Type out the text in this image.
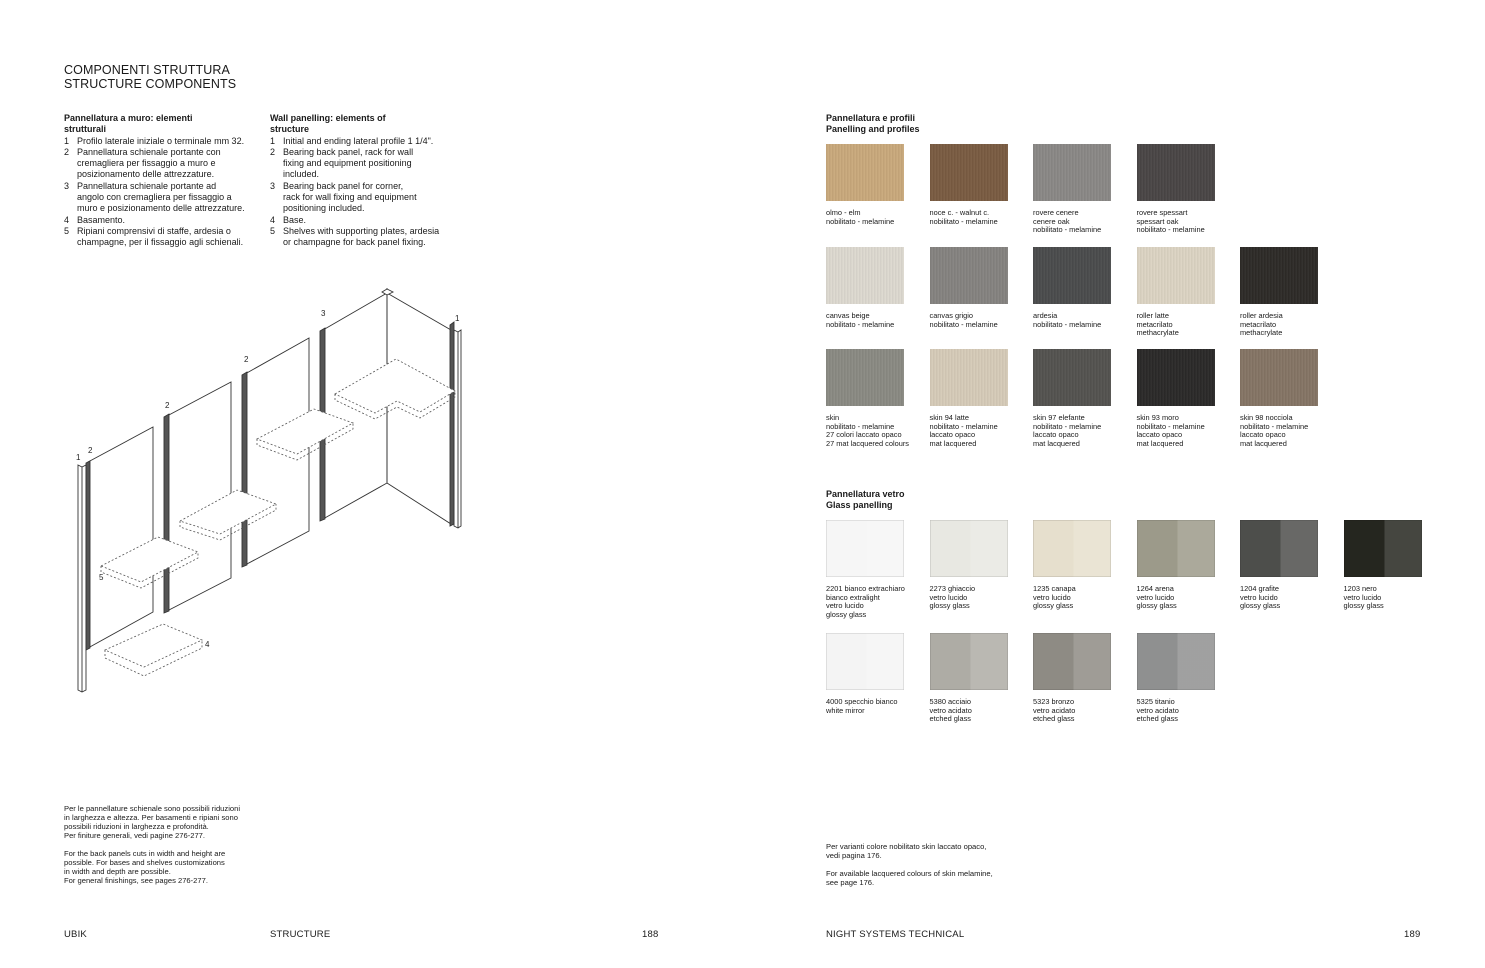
COMPONENTI STRUTTURA
STRUCTURE COMPONENTS
Pannellatura a muro: elementi
strutturali
1 Profilo laterale iniziale o terminale mm 32.
2 Pannellatura schienale portante con
cremagliera per fissaggio a muro e
posizionamento delle attrezzature.
3 Pannellatura schienale portante ad
angolo con cremagliera per fissaggio a
muro e posizionamento delle attrezzature.
4 Basamento.
5 Ripiani comprensivi di staffe, ardesia o
champagne, per il fissaggio agli schienali.
Wall panelling: elements of
structure
1 Initial and ending lateral profile 1 1/4".
2 Bearing back panel, rack for wall
fixing and equipment positioning
included.
3 Bearing back panel for corner,
rack for wall fixing and equipment
positioning included.
4 Base.
5 Shelves with supporting plates, ardesia
or champagne for back panel fixing.
1
2
2
2
3
1
5
4

Per le pannellature schienale sono possibili riduzioni
in larghezza e altezza. Per basamenti e ripiani sono
possibili riduzioni in larghezza e profondità.
Per finiture generali, vedi pagine 276-277.

For the back panels cuts in width and height are
possible. For bases and shelves customizations
in width and depth are possible.
For general finishings, see pages 276-277.

UBIK	STRUCTURE	188
Pannellatura e profili
Panelling and profiles
olmo - elm
nobilitato - melamine
noce c. - walnut c.
nobilitato - melamine
rovere cenere
cenere oak
nobilitato - melamine
rovere spessart
spessart oak
nobilitato - melamine
canvas beige
nobilitato - melamine
canvas grigio
nobilitato - melamine
ardesia
nobilitato - melamine
roller latte
metacrilato
methacrylate
roller ardesia
metacrilato
methacrylate
skin
nobilitato - melamine
27 colori laccato opaco
27 mat lacquered colours
skin 94 latte
nobilitato - melamine
laccato opaco
mat lacquered
skin 97 elefante
nobilitato - melamine
laccato opaco
mat lacquered
skin 93 moro
nobilitato - melamine
laccato opaco
mat lacquered
skin 98 nocciola
nobilitato - melamine
laccato opaco
mat lacquered
Pannellatura vetro
Glass panelling
2201 bianco extrachiaro
bianco extralight
vetro lucido
glossy glass
2273 ghiaccio
vetro lucido
glossy glass
1235 canapa
vetro lucido
glossy glass
1264 arena
vetro lucido
glossy glass
1204 grafite
vetro lucido
glossy glass
1203 nero
vetro lucido
glossy glass
4000 specchio bianco
white mirror
5380 acciaio
vetro acidato
etched glass
5323 bronzo
vetro acidato
etched glass
5325 titanio
vetro acidato
etched glass

Per varianti colore nobilitato skin laccato opaco,
vedi pagina 176.

For available lacquered colours of skin melamine,
see page 176.

NIGHT SYSTEMS TECHNICAL	189
